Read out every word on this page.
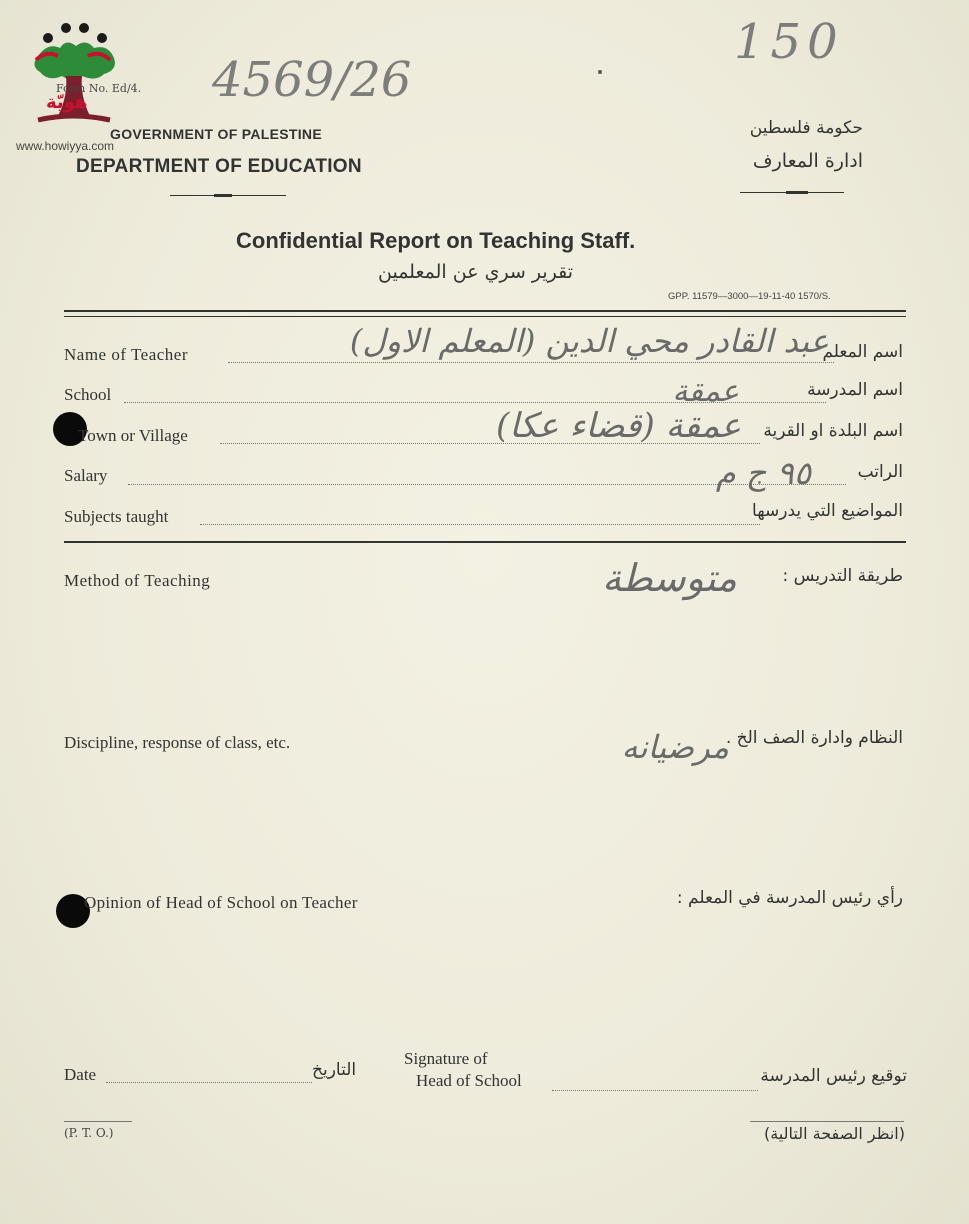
هويّة
www.howiyya.com
Form No. Ed/4. 4569/26
150
GOVERNMENT OF PALESTINE
DEPARTMENT OF EDUCATION
حكومة فلسطين
ادارة المعارف
Confidential Report on Teaching Staff.
تقرير سري عن المعلمين
GPP. 11579—3000—19-11-40 1570/S.
Name of Teacher	اسم المعلم
عبد القادر محي الدين (المعلم الاول)
School	اسم المدرسة
عمقة
Town or Village	اسم البلدة او القرية
عمقة (قضاء عكا)
Salary	الراتب
٩٥ ج م
Subjects taught	المواضيع التي يدرسها
Method of Teaching	طريقة التدريس :
متوسطة
Discipline, response of class, etc.	النظام وادارة الصف الخ .
مرضيانه
Opinion of Head of School on Teacher	رأي رئيس المدرسة في المعلم :
Date	التاريخ
Signature of
Head of School	توقيع رئيس المدرسة
(P. T. O.)	(انظر الصفحة التالية)
